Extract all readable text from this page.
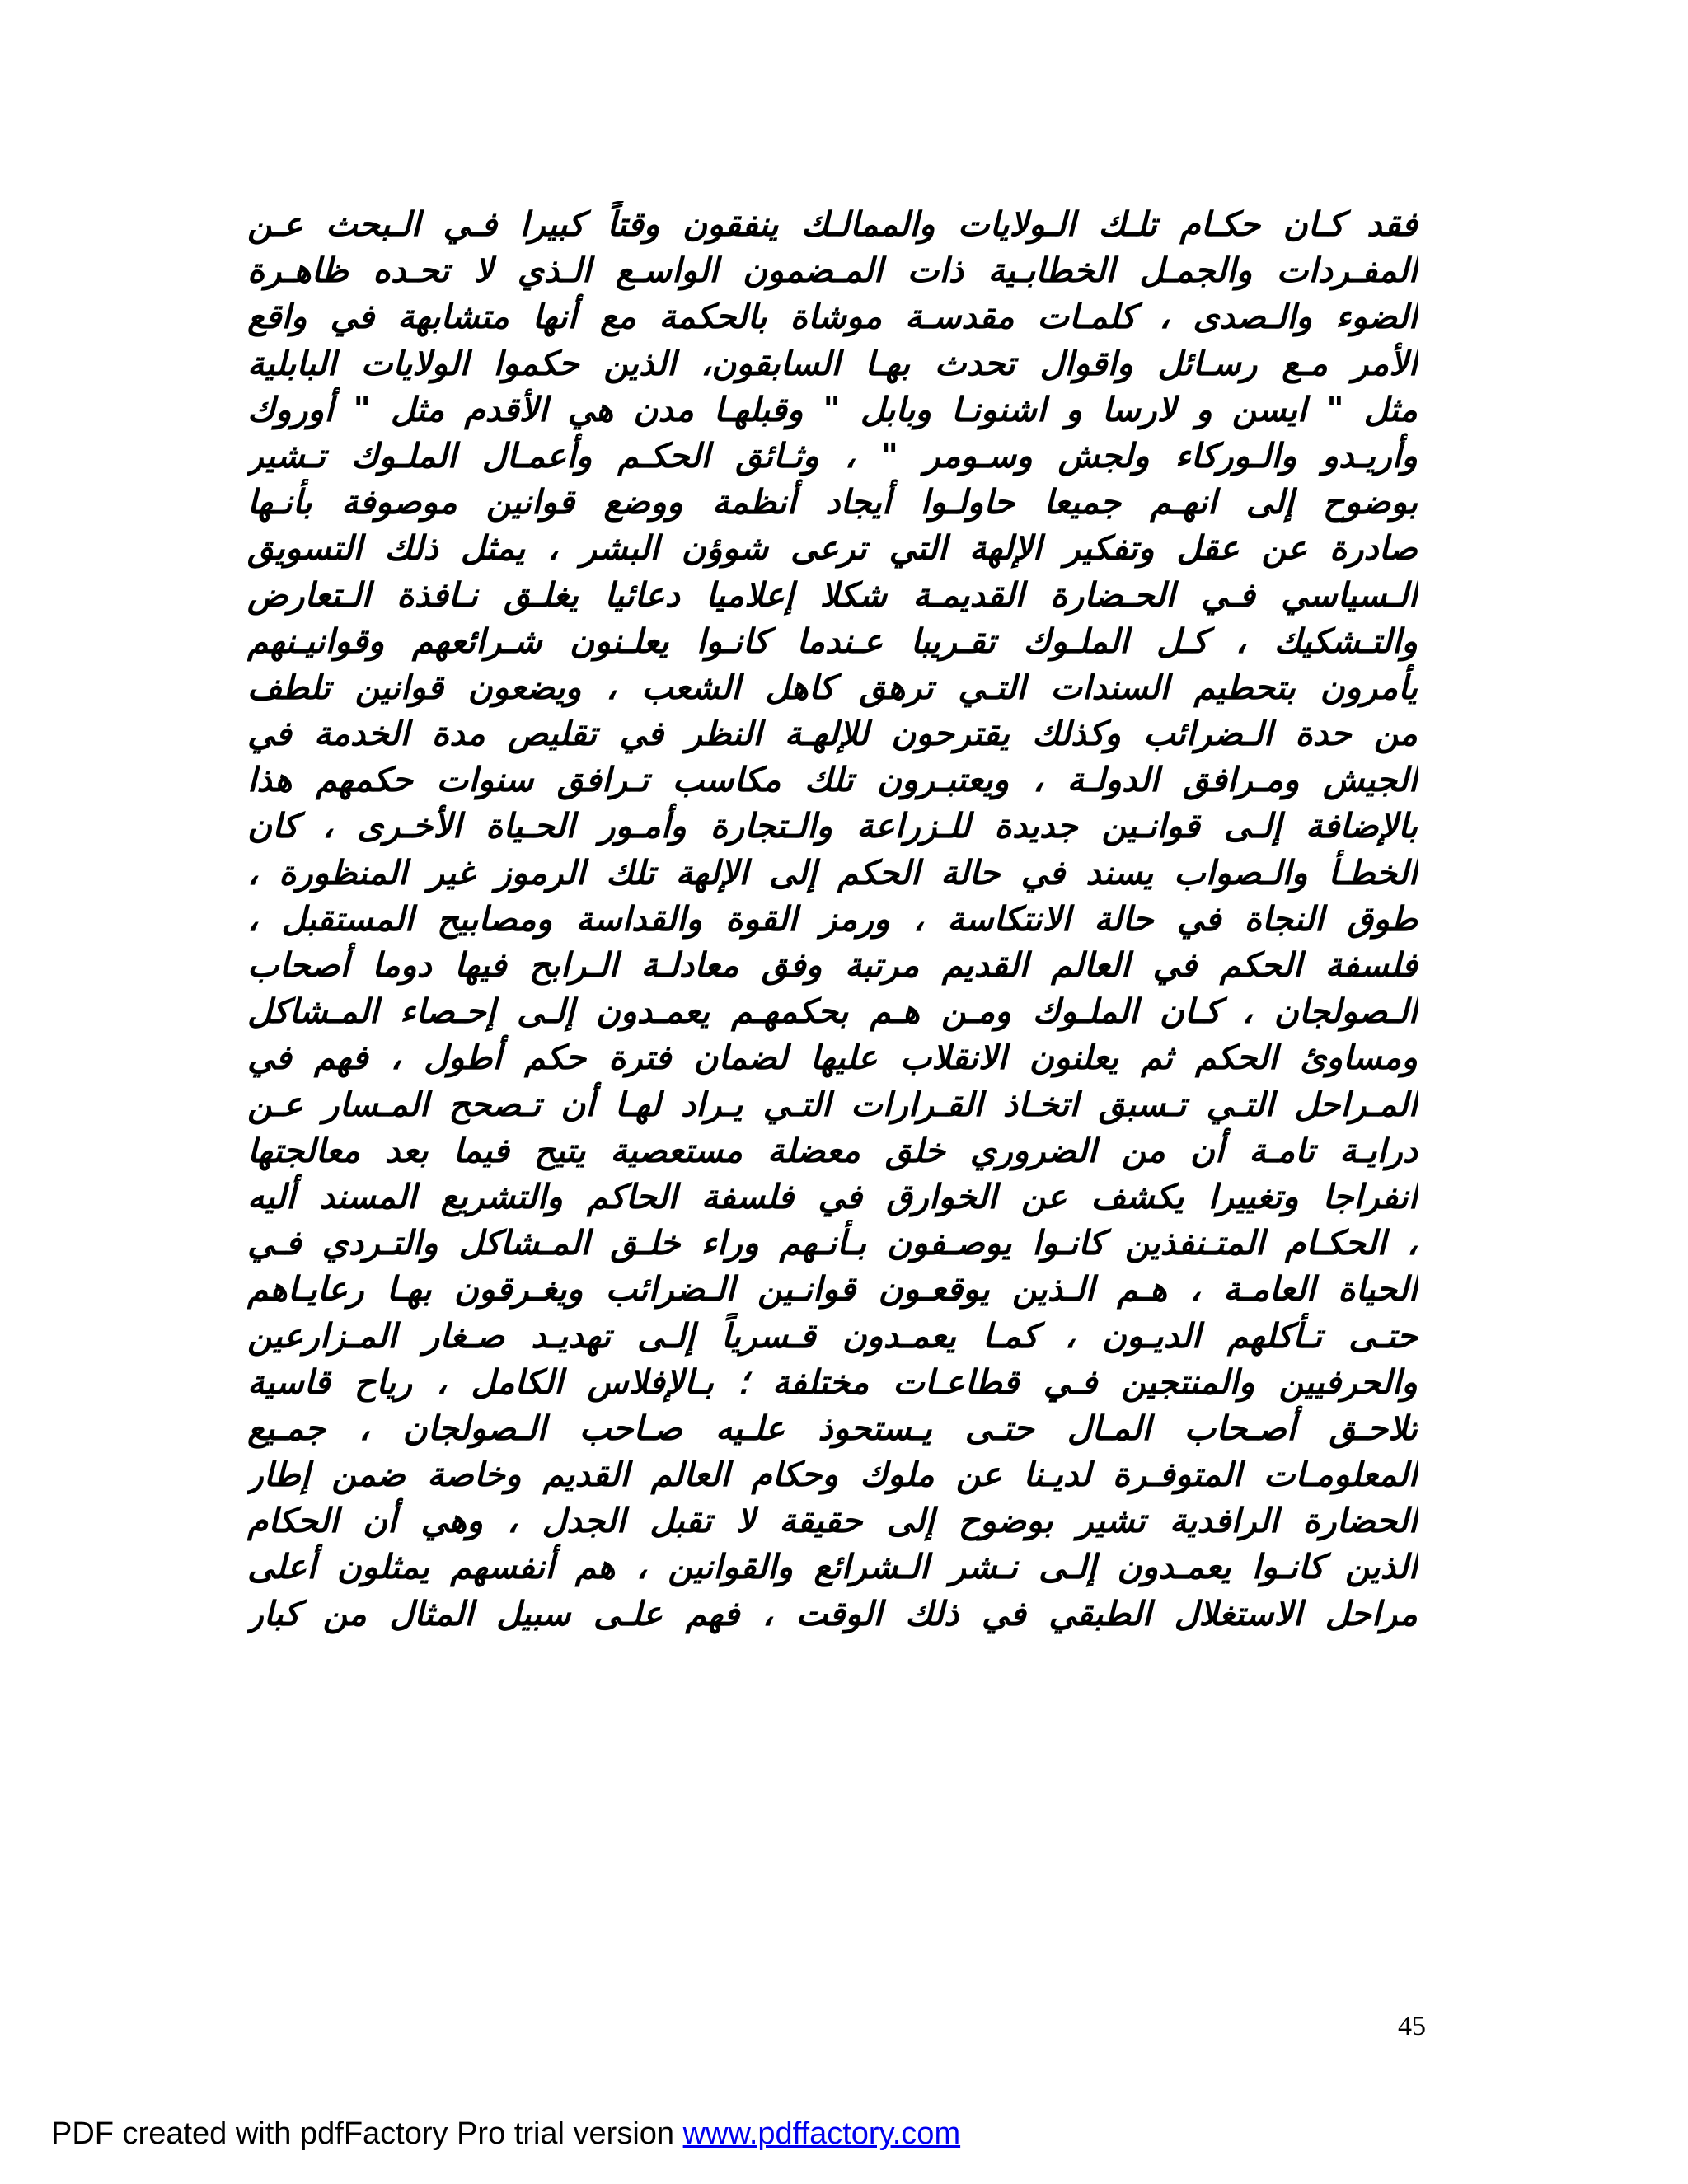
فقد كـان حكـام تلـك الـولايات والممالـك ينفقون وقتاً كبيرا فـي الـبحث عـن
المفـردات والجمـل الخطابـية ذات المـضمون الواسـع الـذي لا تحـده ظاهـرة
الضوء والـصدى ، كلمـات مقدسـة موشاة بالحكمة مع أنها متشابهة في واقع
الأمر مـع رسـائل واقوال تحدث بهـا السابقون، الذين حكموا الولايات البابلية
مثل " ايسن و لارسا و اشنونـا وبابل " وقبلهـا مدن هي الأقدم مثل " أوروك
وأريـدو والـوركاء ولجش وسـومر " ، وثـائق الحكـم وأعمـال الملـوك تـشير
بوضوح إلى انهـم جميعا حاولـوا أيجاد أنظمة ووضع قوانين موصوفة بأنـها
صادرة عن عقل وتفكير الإلهة التي ترعى شوؤن البشر ، يمثل ذلك التسويق
الـسياسي فـي الحـضارة القديمـة شكلا إعلاميا دعائيا يغلـق نـافذة الـتعارض
والتـشكيك ، كـل الملـوك تقـريبا عـندما كانـوا يعلـنون شـرائعهم وقوانيـنهم
يأمرون بتحطيم السندات التـي ترهق كاهل الشعب ، ويضعون قوانين تلطف
من حدة الـضرائب وكذلك يقترحون للإلهـة النظر في تقليص مدة الخدمة في
الجيش ومـرافق الدولـة ، ويعتبـرون تلك مكاسب تـرافق سنوات حكمهم هذا
بالإضافة إلـى قوانـين جديدة للـزراعة والـتجارة وأمـور الحـياة الأخـرى ، كان
الخطـأ والـصواب يسند في حالة الحكم إلى الإلهة تلك الرموز غير المنظورة ،
طوق النجاة في حالة الانتكاسة ، ورمز القوة والقداسة ومصابيح المستقبل ،
فلسفة الحكم في العالم القديم مرتبة وفق معادلـة الـرابح فيها دوما أصحاب
الـصولجان ، كـان الملـوك ومـن هـم بحكمهـم يعمـدون إلـى إحـصاء المـشاكل
ومساوئ الحكم ثم يعلنون الانقلاب عليها لضمان فترة حكم أطول ، فهم في
المـراحل التـي تـسبق اتخـاذ القـرارات التـي يـراد لهـا أن تـصحح المـسار عـن
درايـة تامـة أن من الضروري خلق معضلة مستعصية يتيح فيما بعد معالجتها
انفراجا وتغييرا يكشف عن الخوارق في فلسفة الحاكم والتشريع المسند أليه
، الحكـام المتـنفذين كانـوا يوصـفون بـأنـهم وراء خلـق المـشاكل والتـردي فـي
الحياة العامـة ، هـم الـذين يوقعـون قوانـين الـضرائب ويغـرقون بهـا رعايـاهم
حتـى تـأكلهم الديـون ، كمـا يعمـدون قـسرياً إلـى تهديـد صـغار المـزارعين
والحرفيين والمنتجين فـي قطاعـات مختلفة ؛ بـالإفلاس الكامل ، رياح قاسية
تلاحـق أصـحاب المـال حتـى يـستحوذ علـيه صـاحب الـصولجان ، جمـيع
المعلومـات المتوفـرة لديـنا عن ملوك وحكام العالم القديم وخاصة ضمن إطار
الحضارة الرافدية تشير بوضوح إلى حقيقة لا تقبل الجدل ، وهي أن الحكام
الذين كانـوا يعمـدون إلـى نـشر الـشرائع والقوانين ، هم أنفسهم يمثلون أعلى
مراحل الاستغلال الطبقي في ذلك الوقت ، فهم علـى سبيل المثال من كبار
45
PDF created with pdfFactory Pro trial version www.pdffactory.com
